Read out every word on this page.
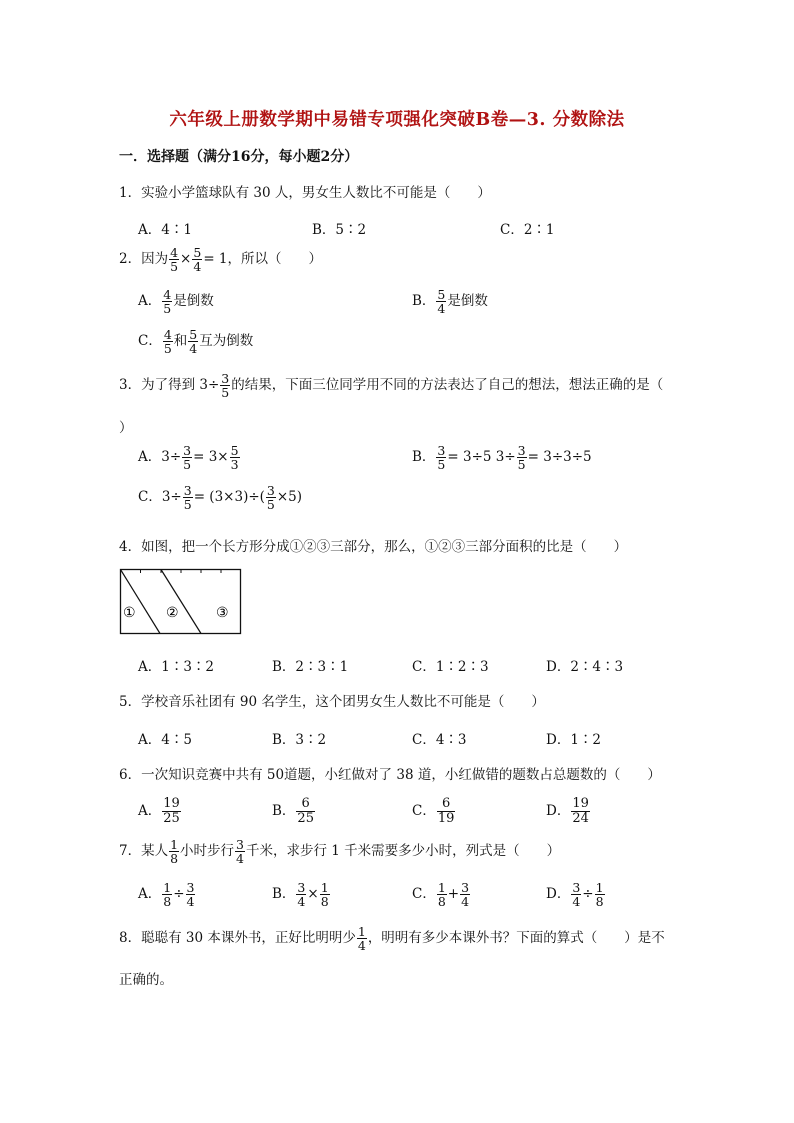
六年级上册数学期中易错专项强化突破B卷—3. 分数除法
一．选择题（满分16分，每小题2分）
1．实验小学篮球队有 30 人，男女生人数比不可能是（　　）
A．4∶1	B．5∶2	C．2∶1
2．因为 $\frac{4}{5} \times \frac{5}{4} = 1$，所以（　　）
A． $\frac{4}{5}$ 是倒数	B． $\frac{5}{4}$ 是倒数
C． $\frac{4}{5}$ 和 $\frac{5}{4}$ 互为倒数
3．为了得到 $3\div \frac{3}{5}$ 的结果，下面三位同学用不同的方法表达了自己的想法，想法正确的是（
）
A．$3\div \frac{3}{5} = 3\times \frac{5}{3}$	B． $\frac{3}{5} = 3\div 5$ $3\div \frac{3}{5} = 3\div 3\div 5$
C．$3\div \frac{3}{5} = (3\times 3)\div( \frac{3}{5} \times 5)$
4．如图，把一个长方形分成①②③三部分，那么，①②③三部分面积的比是（　　）
① ②	③
A．1∶3∶2	B．2∶3∶1	C．1∶2∶3	D．2∶4∶3
5．学校音乐社团有 90 名学生，这个团男女生人数比不可能是（　　）
A．4∶5	B．3∶2	C．4∶3	D．1∶2
6．一次知识竞赛中共有 50道题，小红做对了 38 道，小红做错的题数占总题数的（　　）
A． $\frac{19}{25}$	B． $\frac{6}{25}$	C． $\frac{6}{19}$	D． $\frac{19}{24}$
7．某人 $\frac{1}{8}$ 小时步行 $\frac{3}{4}$ 千米，求步行 1 千米需要多少小时，列式是（　　）
A． $\frac{1}{8} \div \frac{3}{4}$	B． $\frac{3}{4} \times \frac{1}{8}$	C． $\frac{1}{8} + \frac{3}{4}$	D． $\frac{3}{4} \div \frac{1}{8}$
8．聪聪有 30 本课外书，正好比明明少 $\frac{1}{4}$ ，明明有多少本课外书？下面的算式（　　）是不
正确的。
